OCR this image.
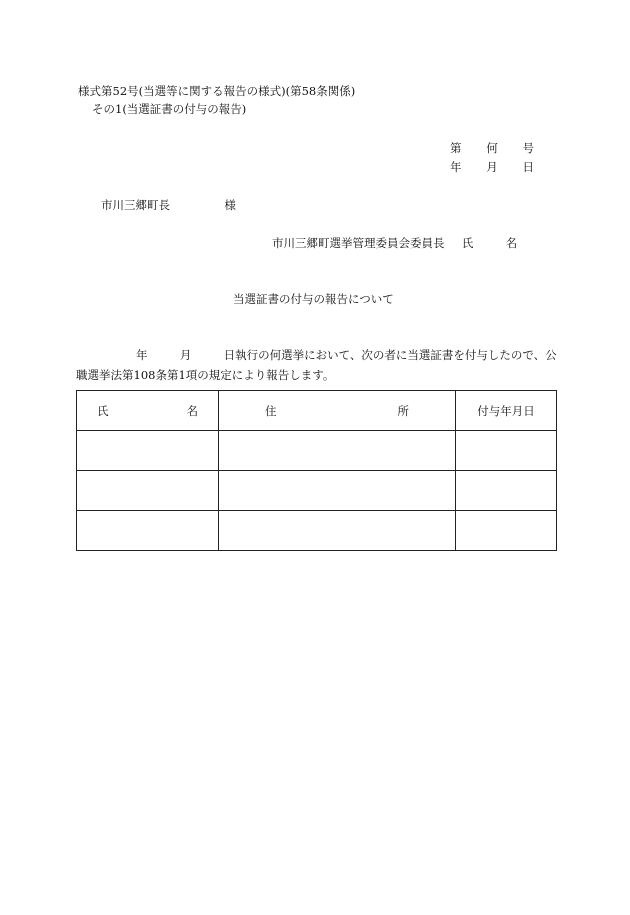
様式第52号(当選等に関する報告の様式)(第58条関係)
その1(当選証書の付与の報告)
第 何 号
年 月 日
市川三郷町長	様
市川三郷町選挙管理委員会委員長 氏	名
当選証書の付与の報告について
年	月	日執行の何選挙において、次の者に当選証書を付与したので、公
職選挙法第108条第1項の規定により報告します。
氏 名	住 所	付与年月日
